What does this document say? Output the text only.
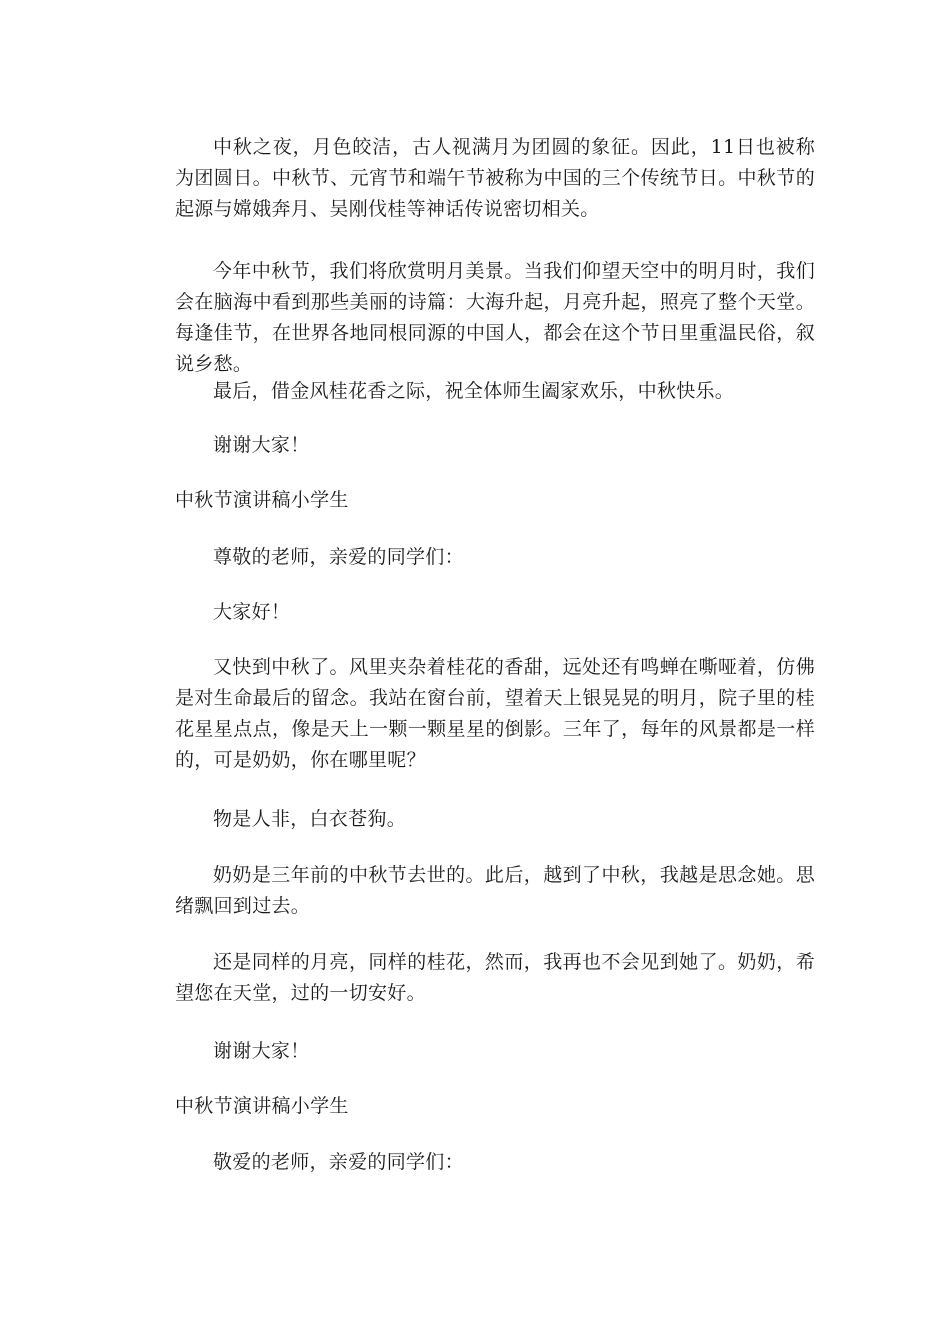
中秋之夜，月色皎洁，古人视满月为团圆的象征。因此，11日也被称为团圆日。中秋节、元宵节和端午节被称为中国的三个传统节日。中秋节的起源与嫦娥奔月、吴刚伐桂等神话传说密切相关。

今年中秋节，我们将欣赏明月美景。当我们仰望天空中的明月时，我们会在脑海中看到那些美丽的诗篇：大海升起，月亮升起，照亮了整个天堂。每逢佳节，在世界各地同根同源的中国人，都会在这个节日里重温民俗，叙说乡愁。

最后，借金风桂花香之际，祝全体师生阖家欢乐，中秋快乐。

谢谢大家！

中秋节演讲稿小学生

尊敬的老师，亲爱的同学们：

大家好！

又快到中秋了。风里夹杂着桂花的香甜，远处还有鸣蝉在嘶哑着，仿佛是对生命最后的留念。我站在窗台前，望着天上银晃晃的明月，院子里的桂花星星点点，像是天上一颗一颗星星的倒影。三年了，每年的风景都是一样的，可是奶奶，你在哪里呢？

物是人非，白衣苍狗。

奶奶是三年前的中秋节去世的。此后，越到了中秋，我越是思念她。思绪飘回到过去。

还是同样的月亮，同样的桂花，然而，我再也不会见到她了。奶奶，希望您在天堂，过的一切安好。

谢谢大家！

中秋节演讲稿小学生

敬爱的老师，亲爱的同学们：
